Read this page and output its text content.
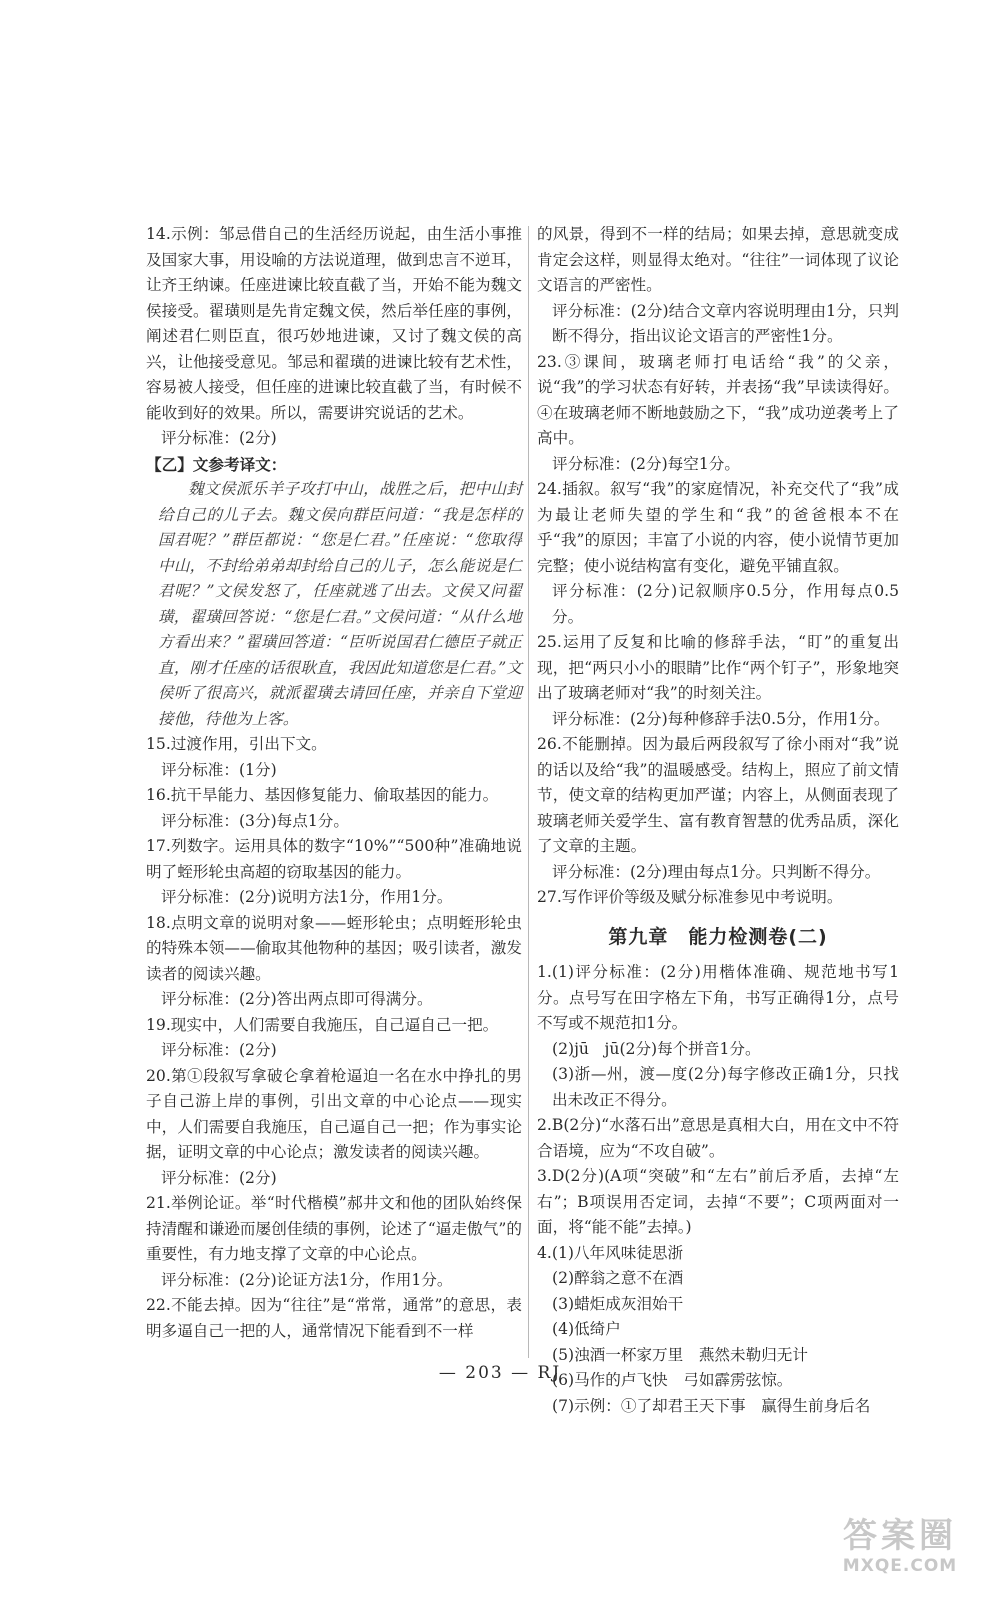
14.示例：邹忌借自己的生活经历说起，由生活小事推及国家大事，用设喻的方法说道理，做到忠言不逆耳，让齐王纳谏。任座进谏比较直截了当，开始不能为魏文侯接受。翟璜则是先肯定魏文侯，然后举任座的事例，阐述君仁则臣直，很巧妙地进谏，又讨了魏文侯的高兴，让他接受意见。邹忌和翟璜的进谏比较有艺术性，容易被人接受，但任座的进谏比较直截了当，有时候不能收到好的效果。所以，需要讲究说话的艺术。

评分标准：(2分)

【乙】文参考译文：

魏文侯派乐羊子攻打中山，战胜之后，把中山封给自己的儿子去。魏文侯向群臣问道：“我是怎样的国君呢？”群臣都说：“您是仁君。”任座说：“您取得中山，不封给弟弟却封给自己的儿子，怎么能说是仁君呢？”文侯发怒了，任座就逃了出去。文侯又问翟璜，翟璜回答说：“您是仁君。”文侯问道：“从什么地方看出来？”翟璜回答道：“臣听说国君仁德臣子就正直，刚才任座的话很耿直，我因此知道您是仁君。”文侯听了很高兴，就派翟璜去请回任座，并亲自下堂迎接他，待他为上客。

15.过渡作用，引出下文。

评分标准：(1分)

16.抗干旱能力、基因修复能力、偷取基因的能力。

评分标准：(3分)每点1分。

17.列数字。运用具体的数字“10%”“500种”准确地说明了蛭形轮虫高超的窃取基因的能力。

评分标准：(2分)说明方法1分，作用1分。

18.点明文章的说明对象——蛭形轮虫；点明蛭形轮虫的特殊本领——偷取其他物种的基因；吸引读者，激发读者的阅读兴趣。

评分标准：(2分)答出两点即可得满分。

19.现实中，人们需要自我施压，自己逼自己一把。

评分标准：(2分)

20.第①段叙写拿破仑拿着枪逼迫一名在水中挣扎的男子自己游上岸的事例，引出文章的中心论点——现实中，人们需要自我施压，自己逼自己一把；作为事实论据，证明文章的中心论点；激发读者的阅读兴趣。

评分标准：(2分)

21.举例论证。举“时代楷模”郝井文和他的团队始终保持清醒和谦逊而屡创佳绩的事例，论述了“逼走傲气”的重要性，有力地支撑了文章的中心论点。

评分标准：(2分)论证方法1分，作用1分。

22.不能去掉。因为“往往”是“常常，通常”的意思，表明多逼自己一把的人，通常情况下能看到不一样

的风景，得到不一样的结局；如果去掉，意思就变成肯定会这样，则显得太绝对。“往往”一词体现了议论文语言的严密性。

评分标准：(2分)结合文章内容说明理由1分，只判断不得分，指出议论文语言的严密性1分。

23.③课间，玻璃老师打电话给“我”的父亲，说“我”的学习状态有好转，并表扬“我”早读读得好。④在玻璃老师不断地鼓励之下，“我”成功逆袭考上了高中。

评分标准：(2分)每空1分。

24.插叙。叙写“我”的家庭情况，补充交代了“我”成为最让老师失望的学生和“我”的爸爸根本不在乎“我”的原因；丰富了小说的内容，使小说情节更加完整；使小说结构富有变化，避免平铺直叙。

评分标准：(2分)记叙顺序0.5分，作用每点0.5分。

25.运用了反复和比喻的修辞手法，“盯”的重复出现，把“两只小小的眼睛”比作“两个钉子”，形象地突出了玻璃老师对“我”的时刻关注。

评分标准：(2分)每种修辞手法0.5分，作用1分。

26.不能删掉。因为最后两段叙写了徐小雨对“我”说的话以及给“我”的温暖感受。结构上，照应了前文情节，使文章的结构更加严谨；内容上，从侧面表现了玻璃老师关爱学生、富有教育智慧的优秀品质，深化了文章的主题。

评分标准：(2分)理由每点1分。只判断不得分。

27.写作评价等级及赋分标准参见中考说明。

第九章　能力检测卷(二)

1.(1)评分标准：(2分)用楷体准确、规范地书写1分。点号写在田字格左下角，书写正确得1分，点号不写或不规范扣1分。

(2)jū　jū(2分)每个拼音1分。

(3)浙—州，渡—度(2分)每字修改正确1分，只找出未改正不得分。

2.B(2分)“水落石出”意思是真相大白，用在文中不符合语境，应为“不攻自破”。

3.D(2分)(A项“突破”和“左右”前后矛盾，去掉“左右”；B项误用否定词，去掉“不要”；C项两面对一面，将“能不能”去掉。)

4.(1)八年风味徒思浙

(2)醉翁之意不在酒

(3)蜡炬成灰泪始干

(4)低绮户

(5)浊酒一杯家万里　燕然未勒归无计

(6)马作的卢飞快　弓如霹雳弦惊。

(7)示例：①了却君王天下事　赢得生前身后名

— 203 — RJ
答案圈
MXQE.COM
